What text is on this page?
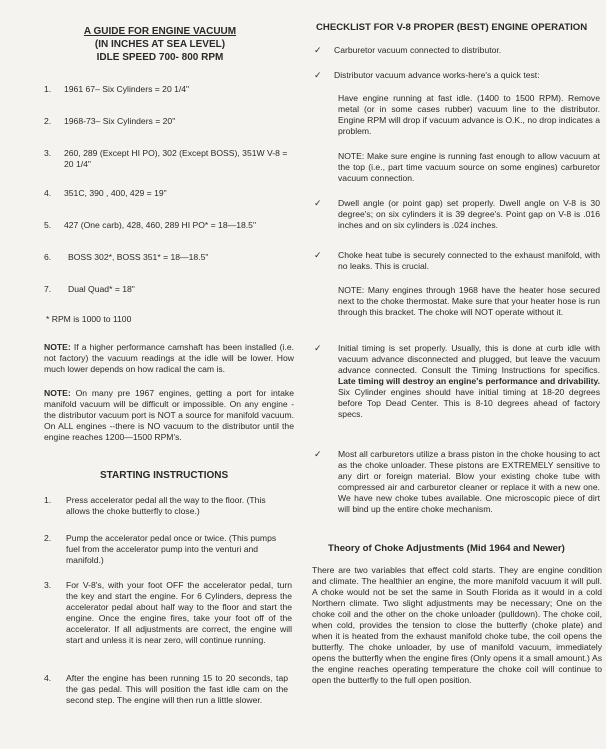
A GUIDE FOR ENGINE VACUUM
(IN INCHES AT SEA LEVEL)
IDLE SPEED 700- 800 RPM
1. 1961 67– Six Cylinders = 20 1/4"
2. 1968-73– Six Cylinders = 20"
3. 260, 289 (Except HI PO), 302 (Except BOSS), 351W V-8 = 20 1/4"
4. 351C, 390 , 400, 429 = 19"
5. 427 (One carb), 428, 460, 289 HI PO* = 18—18.5"
6. BOSS 302*, BOSS 351* = 18—18.5"
7. Dual Quad* = 18"
* RPM is 1000 to 1100
NOTE: If a higher performance camshaft has been installed (i.e. not factory) the vacuum readings at the idle will be lower. How much lower depends on how radical the cam is.
NOTE: On many pre 1967 engines, getting a port for intake manifold vacuum will be difficult or impossible. On any engine -the distributor vacuum port is NOT a source for manifold vacuum. On ALL engines --there is NO vacuum to the distributor until the engine reaches 1200—1500 RPM's.
STARTING INSTRUCTIONS
1. Press accelerator pedal all the way to the floor. (This allows the choke butterfly to close.)
2. Pump the accelerator pedal once or twice. (This pumps fuel from the accelerator pump into the venturi and manifold.)
3. For V-8's, with your foot OFF the accelerator pedal, turn the key and start the engine. For 6 Cylinders, depress the accelerator pedal about half way to the floor and start the engine. Once the engine fires, take your foot off of the accelerator. If all adjustments are correct, the engine will start and unless it is near zero, will continue running.
4. After the engine has been running 15 to 20 seconds, tap the gas pedal. This will position the fast idle cam on the second step. The engine will then run a little slower.
CHECKLIST FOR V-8 PROPER (BEST) ENGINE OPERATION
✓ Carburetor vacuum connected to distributor.
✓ Distributor vacuum advance works-here's a quick test:
Have engine running at fast idle. (1400 to 1500 RPM). Remove metal (or in some cases rubber) vacuum line to the distributor. Engine RPM will drop if vacuum advance is O.K., no drop indicates a problem.
NOTE: Make sure engine is running fast enough to allow vacuum at the top (i.e., part time vacuum source on some engines) carburetor vacuum connection.
✓ Dwell angle (or point gap) set properly. Dwell angle on V-8 is 30 degree's; on six cylinders it is 39 degree's. Point gap on V-8 is .016 inches and on six cylinders is .024 inches.
✓ Choke heat tube is securely connected to the exhaust manifold, with no leaks. This is crucial.
NOTE: Many engines through 1968 have the heater hose secured next to the choke thermostat. Make sure that your heater hose is run through this bracket. The choke will NOT operate without it.
✓ Initial timing is set properly. Usually, this is done at curb idle with vacuum advance disconnected and plugged, but leave the vacuum advance connected. Consult the Timing Instructions for specifics. Late timing will destroy an engine's performance and drivability. Six Cylinder engines should have initial timing at 18-20 degrees before Top Dead Center. This is 8-10 degrees ahead of factory specs.
✓ Most all carburetors utilize a brass piston in the choke housing to act as the choke unloader. These pistons are EXTREMELY sensitive to any dirt or foreign material. Blow your existing choke tube with compressed air and carburetor cleaner or replace it with a new one. We have new choke tubes available. One microscopic piece of dirt will bind up the entire choke mechanism.
Theory of Choke Adjustments (Mid 1964 and Newer)
There are two variables that effect cold starts. They are engine condition and climate. The healthier an engine, the more manifold vacuum it will pull. A choke would not be set the same in South Florida as it would in a cold Northern climate. Two slight adjustments may be necessary; One on the choke coil and the other on the choke unloader (pulldown). The choke coil, when cold, provides the tension to close the butterfly (choke plate) and when it is heated from the exhaust manifold choke tube, the coil opens the butterfly. The choke unloader, by use of manifold vacuum, immediately opens the butterfly when the engine fires (Only opens it a small amount.) As the engine reaches operating temperature the choke coil will continue to open the butterfly to the full open position.
